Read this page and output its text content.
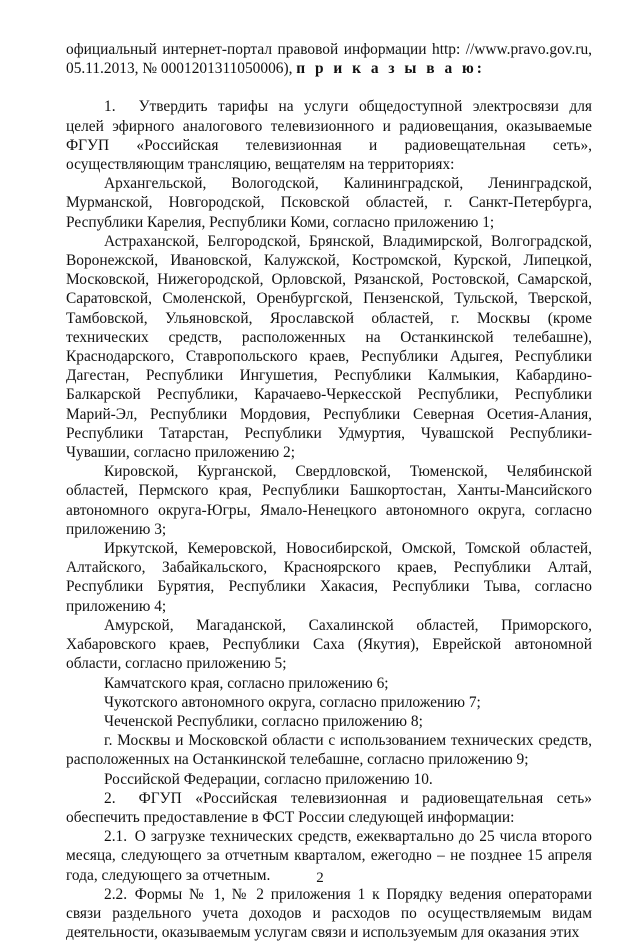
официальный интернет-портал правовой информации http: //www.pravo.gov.ru, 05.11.2013, № 0001201311050006), п р и к а з ы в а ю:

1.  Утвердить тарифы на услуги общедоступной электросвязи для целей эфирного аналогового телевизионного и радиовещания, оказываемые ФГУП «Российская телевизионная и радиовещательная сеть», осуществляющим трансляцию, вещателям на территориях:

Архангельской, Вологодской, Калининградской, Ленинградской, Мурманской, Новгородской, Псковской областей, г. Санкт-Петербурга, Республики Карелия, Республики Коми, согласно приложению 1;

Астраханской, Белгородской, Брянской, Владимирской, Волгоградской, Воронежской, Ивановской, Калужской, Костромской, Курской, Липецкой, Московской, Нижегородской, Орловской, Рязанской, Ростовской, Самарской, Саратовской, Смоленской, Оренбургской, Пензенской, Тульской, Тверской, Тамбовской, Ульяновской, Ярославской областей, г. Москвы (кроме технических средств, расположенных на Останкинской телебашне), Краснодарского, Ставропольского краев, Республики Адыгея, Республики Дагестан, Республики Ингушетия, Республики Калмыкия, Кабардино-Балкарской Республики, Карачаево-Черкесской Республики, Республики Марий-Эл, Республики Мордовия, Республики Северная Осетия-Алания, Республики Татарстан, Республики Удмуртия, Чувашской Республики-Чувашии, согласно приложению 2;

Кировской, Курганской, Свердловской, Тюменской, Челябинской областей, Пермского края, Республики Башкортостан, Ханты-Мансийского автономного округа-Югры, Ямало-Ненецкого автономного округа, согласно приложению 3;

Иркутской, Кемеровской, Новосибирской, Омской, Томской областей, Алтайского, Забайкальского, Красноярского краев, Республики Алтай, Республики Бурятия, Республики Хакасия, Республики Тыва, согласно приложению 4;

Амурской, Магаданской, Сахалинской областей, Приморского, Хабаровского краев, Республики Саха (Якутия), Еврейской автономной области, согласно приложению 5;

Камчатского края, согласно приложению 6;

Чукотского автономного округа, согласно приложению 7;

Чеченской Республики, согласно приложению 8;

г. Москвы и Московской области с использованием технических средств, расположенных на Останкинской телебашне, согласно приложению 9;

Российской Федерации, согласно приложению 10.

2.  ФГУП «Российская телевизионная и радиовещательная сеть» обеспечить предоставление в ФСТ России следующей информации:

2.1. О загрузке технических средств, ежеквартально до 25 числа второго месяца, следующего за отчетным кварталом, ежегодно – не позднее 15 апреля года, следующего за отчетным.

2.2. Формы № 1, № 2 приложения 1 к Порядку ведения операторами связи раздельного учета доходов и расходов по осуществляемым видам деятельности, оказываемым услугам связи и используемым для оказания этих

2
